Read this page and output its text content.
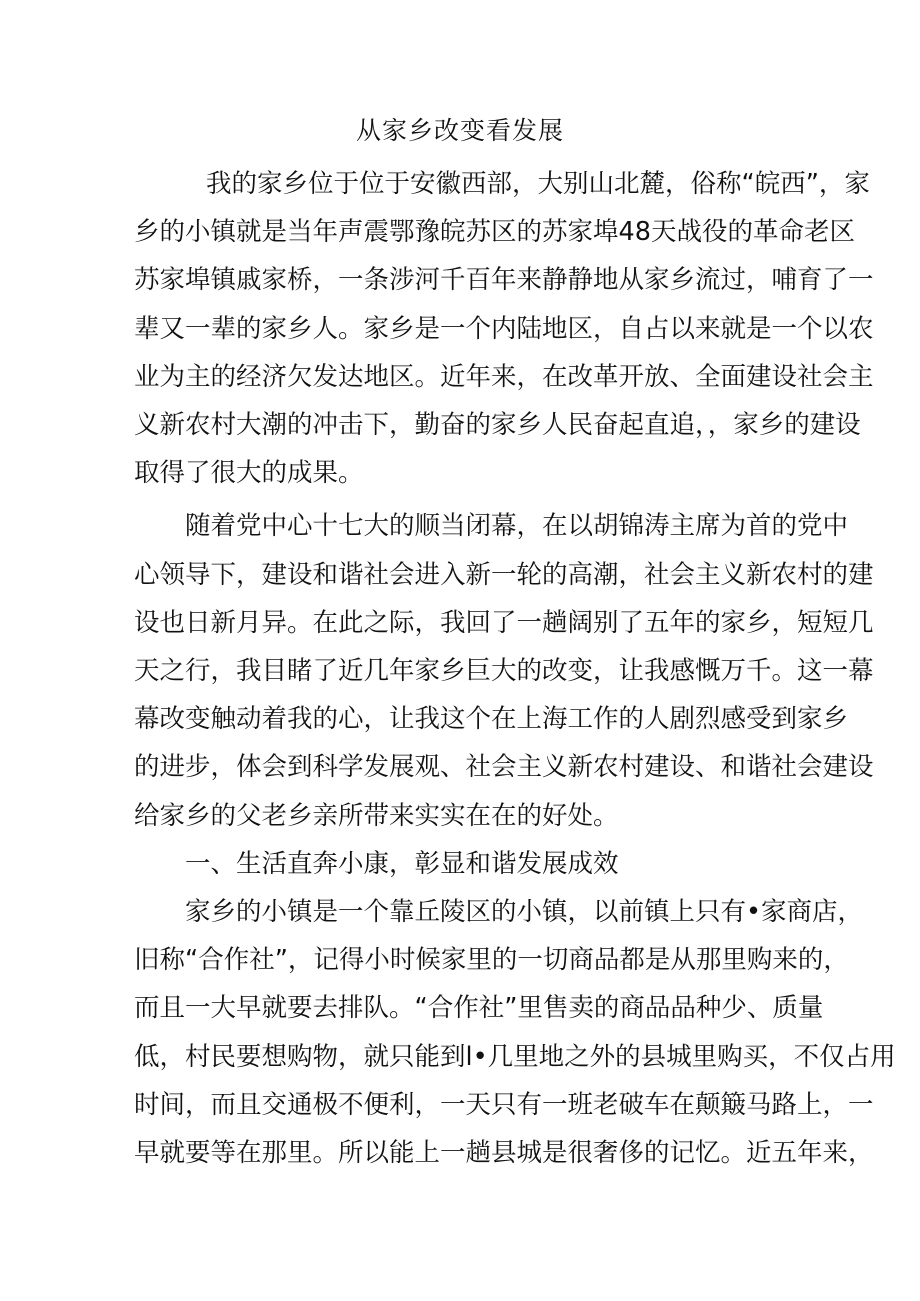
从家乡改变看发展
我的家乡位于位于安徽西部，大别山北麓，俗称“皖西”，家
乡的小镇就是当年声震鄂豫皖苏区的苏家埠48天战役的革命老区
苏家埠镇戚家桥，一条涉河千百年来静静地从家乡流过，哺育了一
辈又一辈的家乡人。家乡是一个内陆地区，自占以来就是一个以农
业为主的经济欠发达地区。近年来，在改革开放、全面建设社会主
义新农村大潮的冲击下，勤奋的家乡人民奋起直追，，家乡的建设
取得了很大的成果。
随着党中心十七大的顺当闭幕，在以胡锦涛主席为首的党中
心领导下，建设和谐社会进入新一轮的高潮，社会主义新农村的建
设也日新月异。在此之际，我回了一趟阔别了五年的家乡，短短几
天之行，我目睹了近几年家乡巨大的改变，让我感慨万千。这一幕
幕改变触动着我的心，让我这个在上海工作的人剧烈感受到家乡
的进步，体会到科学发展观、社会主义新农村建设、和谐社会建设
给家乡的父老乡亲所带来实实在在的好处。
一、生活直奔小康，彰显和谐发展成效
家乡的小镇是一个靠丘陵区的小镇，以前镇上只有•家商店，
旧称“合作社”，记得小时候家里的一切商品都是从那里购来的，
而且一大早就要去排队。“合作社”里售卖的商品品种少、质量
低，村民要想购物，就只能到l•几里地之外的县城里购买，不仅占用
时间，而且交通极不便利，一天只有一班老破车在颠簸马路上，一
早就要等在那里。所以能上一趟县城是很奢侈的记忆。近五年来，
